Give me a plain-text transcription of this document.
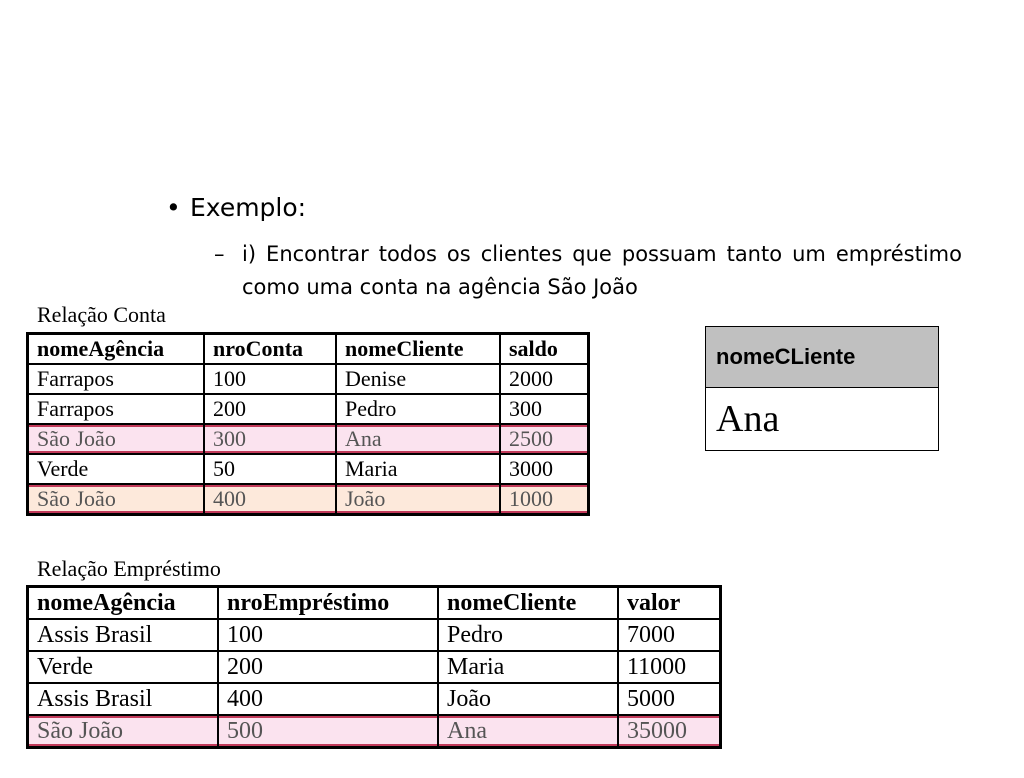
• Exemplo:
– i) Encontrar todos os clientes que possuam tanto um empréstimo como uma conta na agência São João
Relação Conta
nomeAgência	nroConta	nomeCliente	saldo
Farrapos	100	Denise	2000
Farrapos	200	Pedro	300
São João	300	Ana	2500
Verde	50	Maria	3000
São João	400	João	1000
nomeCLiente
Ana
Relação Empréstimo
nomeAgência	nroEmpréstimo	nomeCliente	valor
Assis Brasil	100	Pedro	7000
Verde	200	Maria	11000
Assis Brasil	400	João	5000
São João	500	Ana	35000
